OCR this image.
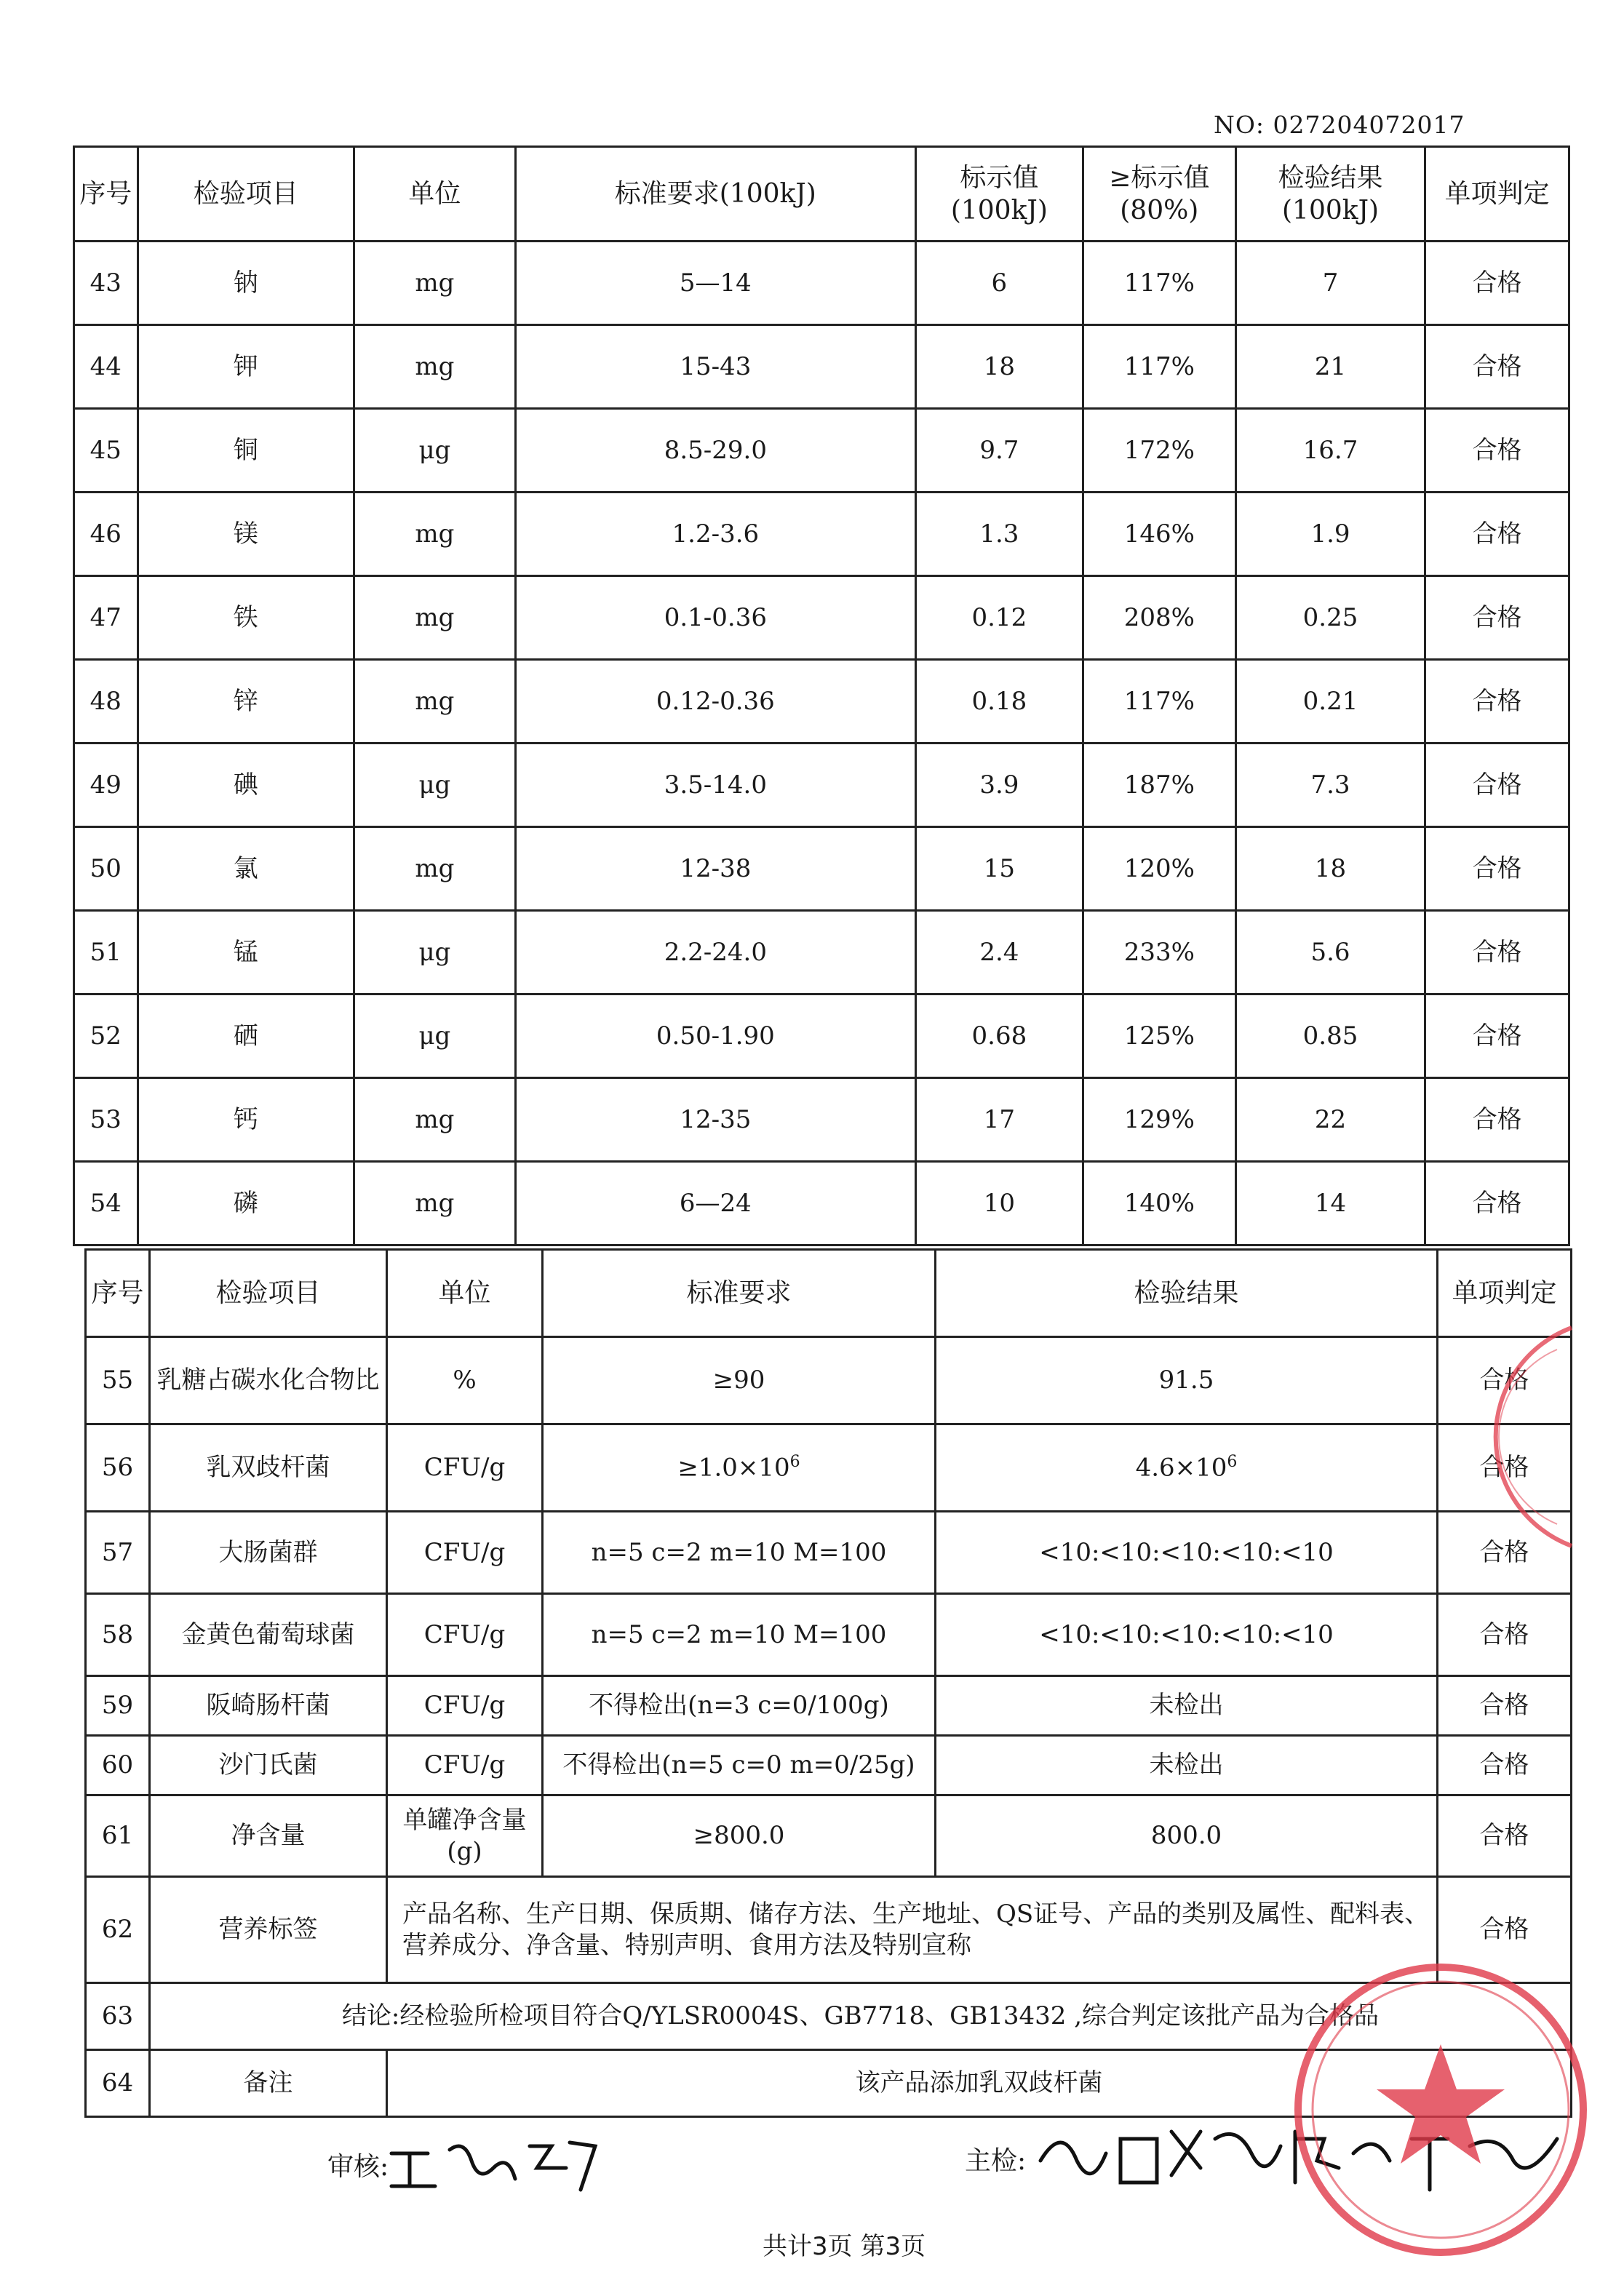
NO: 027204072017
序号	检验项目	单位	标准要求(100kJ)	标示值 (100kJ)	≥标示值 (80%)	检验结果 (100kJ)	单项判定
43	钠	mg	5—14	6	117%	7	合格
44	钾	mg	15-43	18	117%	21	合格
45	铜	μg	8.5-29.0	9.7	172%	16.7	合格
46	镁	mg	1.2-3.6	1.3	146%	1.9	合格
47	铁	mg	0.1-0.36	0.12	208%	0.25	合格
48	锌	mg	0.12-0.36	0.18	117%	0.21	合格
49	碘	μg	3.5-14.0	3.9	187%	7.3	合格
50	氯	mg	12-38	15	120%	18	合格
51	锰	μg	2.2-24.0	2.4	233%	5.6	合格
52	硒	μg	0.50-1.90	0.68	125%	0.85	合格
53	钙	mg	12-35	17	129%	22	合格
54	磷	mg	6—24	10	140%	14	合格
序号	检验项目	单位	标准要求	检验结果	单项判定
55	乳糖占碳水化合物比	%	≥90	91.5	合格
56	乳双歧杆菌	CFU/g	$\ge 1.0\times 10^6$	$4.6\times 10^6$	合格
57	大肠菌群	CFU/g	n=5 c=2 m=10 M=100	<10:<10:<10:<10:<10	合格
58	金黄色葡萄球菌	CFU/g	n=5 c=2 m=10 M=100	<10:<10:<10:<10:<10	合格
59	阪崎肠杆菌	CFU/g	不得检出(n=3 c=0/100g)	未检出	合格
60	沙门氏菌	CFU/g	不得检出(n=5 c=0 m=0/25g)	未检出	合格
61	净含量	单罐净含量(g)	≥800.0	800.0	合格
62	营养标签	产品名称、生产日期、保质期、储存方法、生产地址、QS证号、产品的类别及属性、配料表、营养成分、净含量、特别声明、食用方法及特别宣称			合格
63	结论:经检验所检项目符合Q/YLSR0004S、GB7718、GB13432 ,综合判定该批产品为合格品				
64	备注	该产品添加乳双歧杆菌			
审核:	主检:
共计3页 第3页
